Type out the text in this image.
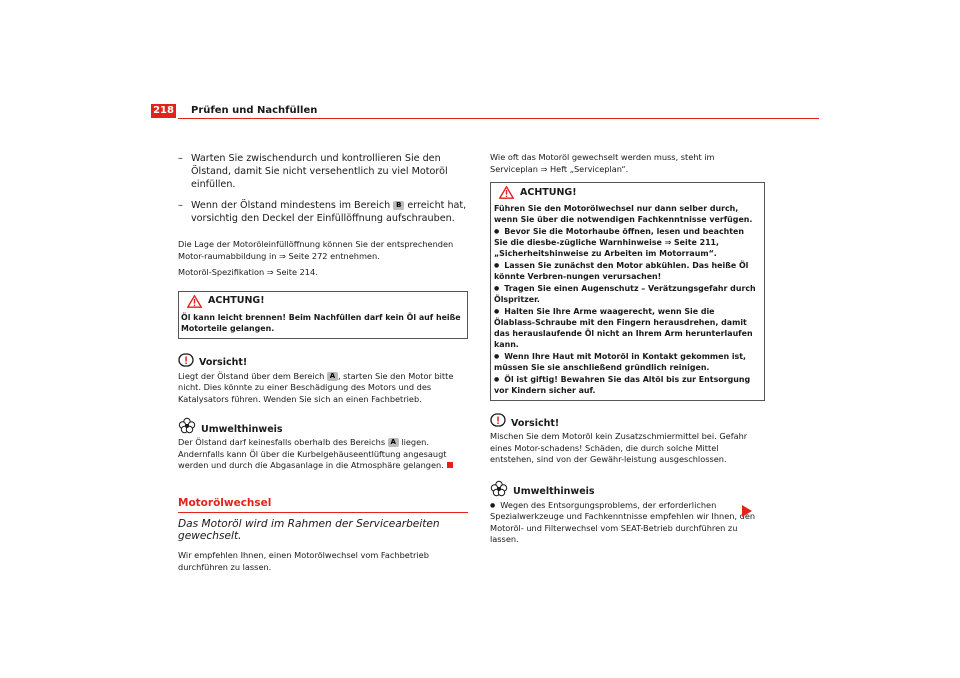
218 Prüfen und Nachfüllen
– Warten Sie zwischendurch und kontrollieren Sie den Ölstand, damit Sie nicht versehentlich zu viel Motoröl einfüllen.
– Wenn der Ölstand mindestens im Bereich B erreicht hat, vorsichtig den Deckel der Einfüllöffnung aufschrauben.

Die Lage der Motoröleinfüllöffnung können Sie der entsprechenden Motor-raumabbildung in ⇒ Seite 272 entnehmen.

Motoröl-Spezifikation ⇒ Seite 214.

ACHTUNG!
Öl kann leicht brennen! Beim Nachfüllen darf kein Öl auf heiße Motorteile gelangen.
Vorsicht!
Liegt der Ölstand über dem Bereich A , starten Sie den Motor bitte nicht. Dies könnte zu einer Beschädigung des Motors und des Katalysators führen. Wenden Sie sich an einen Fachbetrieb.
Umwelthinweis
Der Ölstand darf keinesfalls oberhalb des Bereichs A liegen. Andernfalls kann Öl über die Kurbelgehäuseentlüftung angesaugt werden und durch die Abgasanlage in die Atmosphäre gelangen.
Motorölwechsel
Das Motoröl wird im Rahmen der Servicearbeiten gewechselt.

Wir empfehlen Ihnen, einen Motorölwechsel vom Fachbetrieb durchführen zu lassen.

Wie oft das Motoröl gewechselt werden muss, steht im Serviceplan ⇒ Heft „Serviceplan“.

ACHTUNG!
Führen Sie den Motorölwechsel nur dann selber durch, wenn Sie über die notwendigen Fachkenntnisse verfügen.
● Bevor Sie die Motorhaube öffnen, lesen und beachten Sie die diesbe-zügliche Warnhinweise ⇒ Seite 211, „Sicherheitshinweise zu Arbeiten im Motorraum“.
● Lassen Sie zunächst den Motor abkühlen. Das heiße Öl könnte Verbren-nungen verursachen!
● Tragen Sie einen Augenschutz – Verätzungsgefahr durch Ölspritzer.
● Halten Sie Ihre Arme waagerecht, wenn Sie die Ölablass-Schraube mit den Fingern herausdrehen, damit das herauslaufende Öl nicht an Ihrem Arm herunterlaufen kann.
● Wenn Ihre Haut mit Motoröl in Kontakt gekommen ist, müssen Sie sie anschließend gründlich reinigen.
● Öl ist giftig! Bewahren Sie das Altöl bis zur Entsorgung vor Kindern sicher auf.
Vorsicht!
Mischen Sie dem Motoröl kein Zusatzschmiermittel bei. Gefahr eines Motor-schadens! Schäden, die durch solche Mittel entstehen, sind von der Gewähr-leistung ausgeschlossen.
Umwelthinweis
● Wegen des Entsorgungsproblems, der erforderlichen Spezialwerkzeuge und Fachkenntnisse empfehlen wir Ihnen, den Motoröl- und Filterwechsel vom SEAT-Betrieb durchführen zu lassen.
